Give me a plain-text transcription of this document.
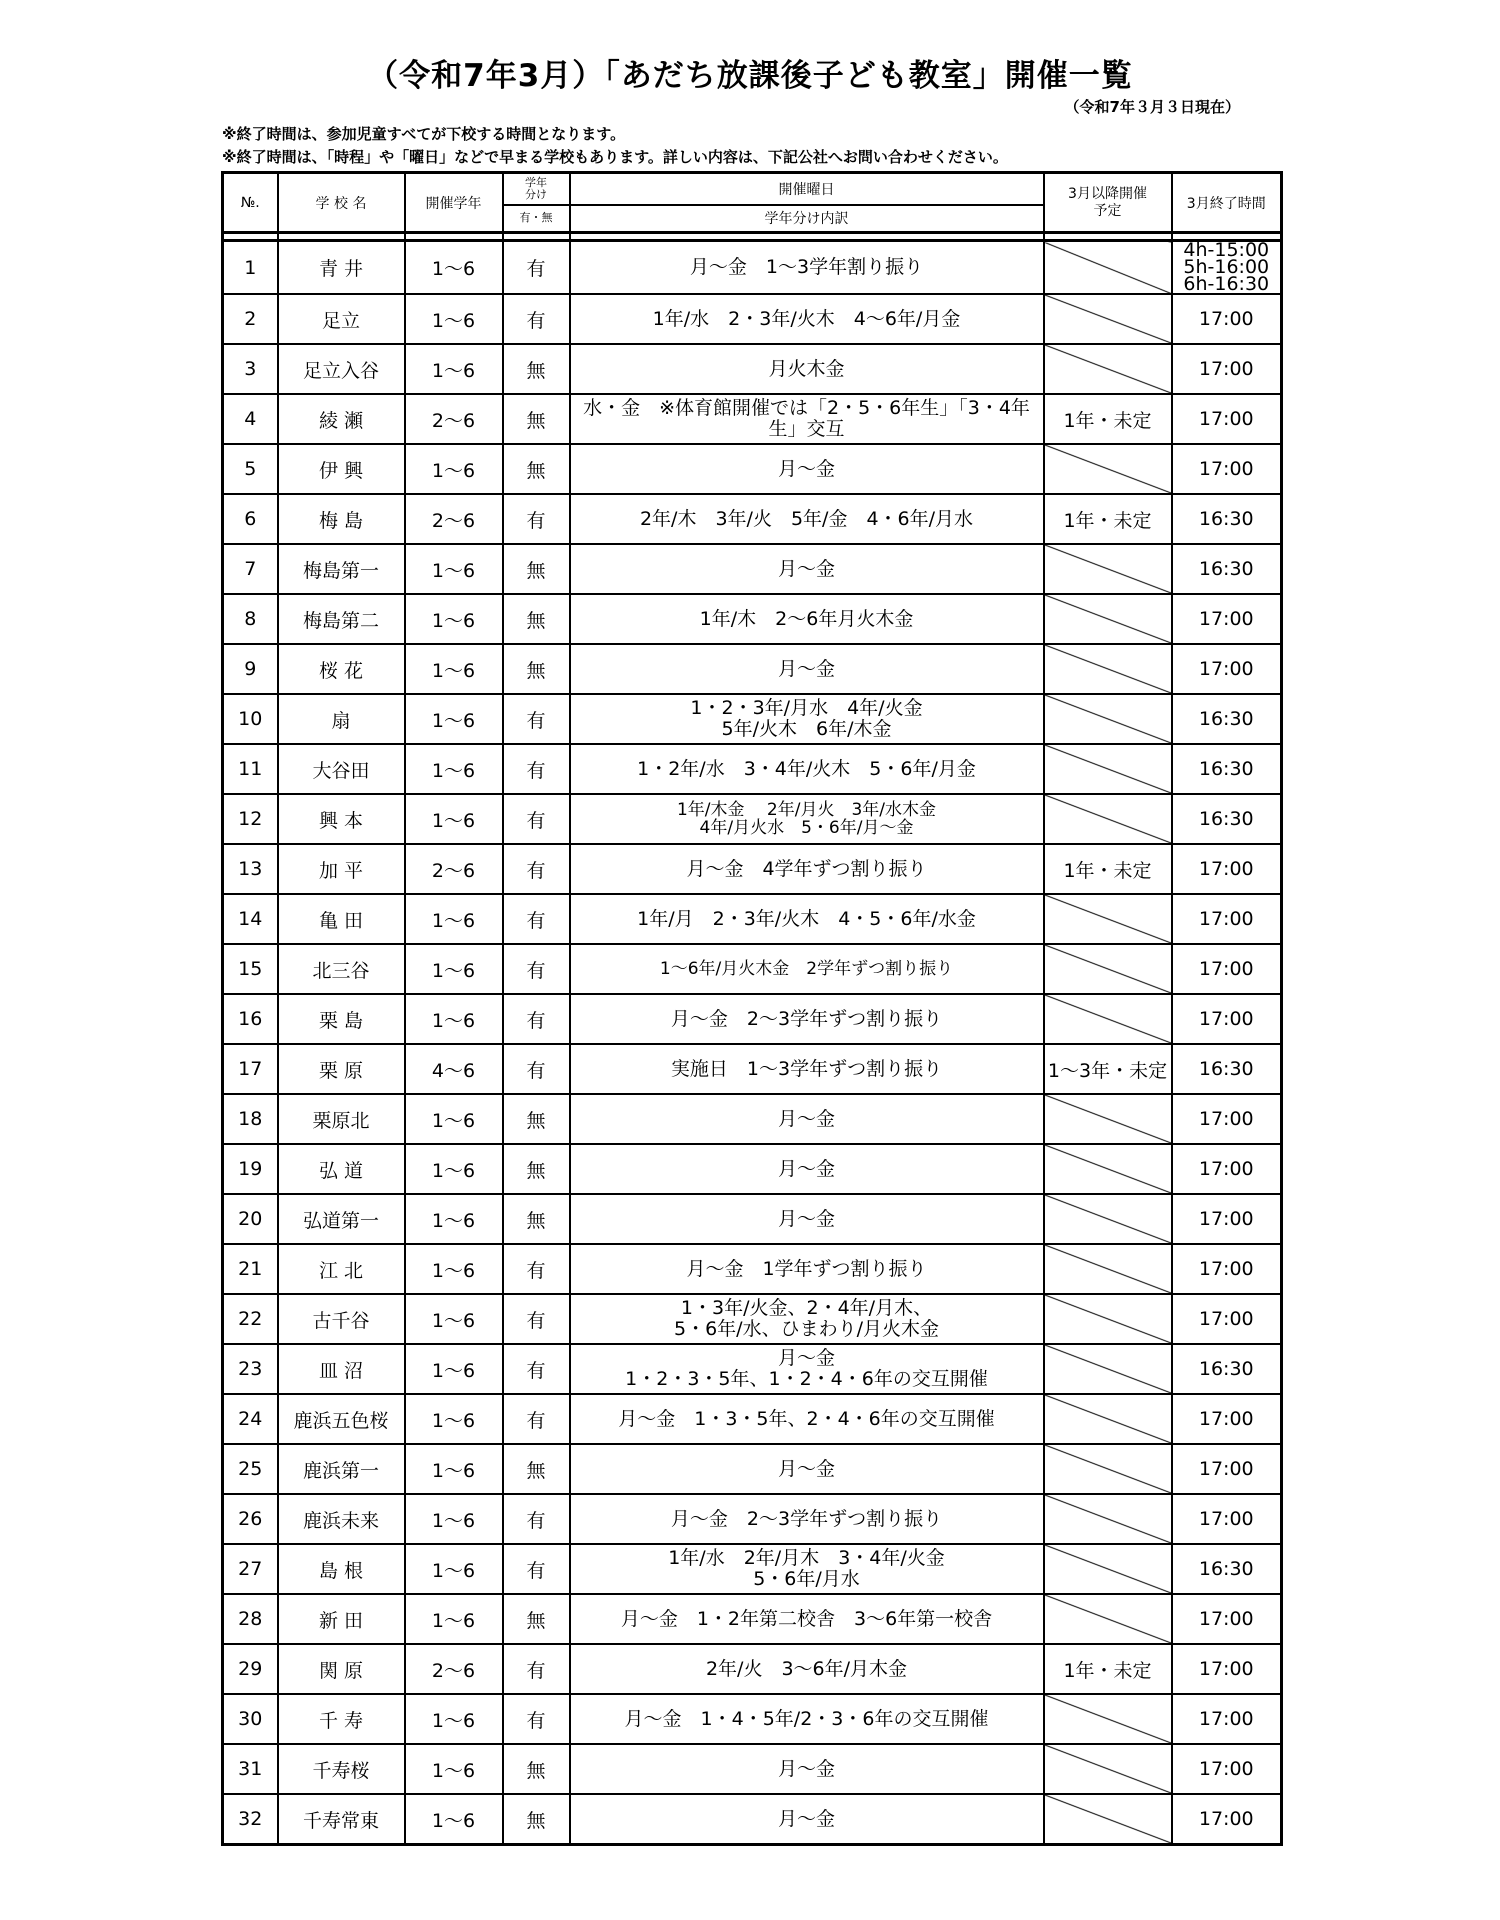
（令和7年3月）「あだち放課後子ども教室」開催一覧
（令和7年３月３日現在）
※終了時間は、参加児童すべてが下校する時間となります。
※終了時間は、「時程」や「曜日」などで早まる学校もあります。詳しい内容は、下記公社へお問い合わせください。
№.	学 校 名	開催学年	学年分け	開催曜日	3月以降開催予定	3月終了時間
			有・無	学年分け内訳		

1	青 井	1～6	有	月～金　1～3学年割り振り		4h-15:00
5h-16:00
6h-16:30
2	足立	1～6	有	1年/水　2・3年/火木　4～6年/月金		17:00
3	足立入谷	1～6	無	月火木金		17:00
4	綾 瀬	2～6	無	水・金　※体育館開催では「2・5・6年生」「3・4年生」交互	1年・未定	17:00
5	伊 興	1～6	無	月～金		17:00
6	梅 島	2～6	有	2年/木　3年/火　5年/金　4・6年/月水	1年・未定	16:30
7	梅島第一	1～6	無	月～金		16:30
8	梅島第二	1～6	無	1年/木　2～6年月火木金		17:00
9	桜 花	1～6	無	月～金		17:00
10	扇	1～6	有	1・2・3年/月水　4年/火金
5年/火木　6年/木金		16:30
11	大谷田	1～6	有	1・2年/水　3・4年/火木　5・6年/月金		16:30
12	興 本	1～6	有	1年/木金　 2年/月火　3年/水木金
4年/月火水　5・6年/月～金		16:30
13	加 平	2～6	有	月～金　4学年ずつ割り振り	1年・未定	17:00
14	亀 田	1～6	有	1年/月　2・3年/火木　4・5・6年/水金		17:00
15	北三谷	1～6	有	1～6年/月火木金　2学年ずつ割り振り		17:00
16	栗 島	1～6	有	月～金　2～3学年ずつ割り振り		17:00
17	栗 原	4～6	有	実施日　1～3学年ずつ割り振り	1～3年・未定	16:30
18	栗原北	1～6	無	月～金		17:00
19	弘 道	1～6	無	月～金		17:00
20	弘道第一	1～6	無	月～金		17:00
21	江 北	1～6	有	月～金　1学年ずつ割り振り		17:00
22	古千谷	1～6	有	1・3年/火金、2・4年/月木、
5・6年/水、ひまわり/月火木金		17:00
23	皿 沼	1～6	有	月～金
1・2・3・5年、1・2・4・6年の交互開催		16:30
24	鹿浜五色桜	1～6	有	月～金　1・3・5年、2・4・6年の交互開催		17:00
25	鹿浜第一	1～6	無	月～金		17:00
26	鹿浜未来	1～6	有	月～金　2～3学年ずつ割り振り		17:00
27	島 根	1～6	有	1年/水　2年/月木　3・4年/火金
5・6年/月水		16:30
28	新 田	1～6	無	月～金　1・2年第二校舎　3～6年第一校舎		17:00
29	関 原	2～6	有	2年/火　3～6年/月木金	1年・未定	17:00
30	千 寿	1～6	有	月～金　1・4・5年/2・3・6年の交互開催		17:00
31	千寿桜	1～6	無	月～金		17:00
32	千寿常東	1～6	無	月～金		17:00
